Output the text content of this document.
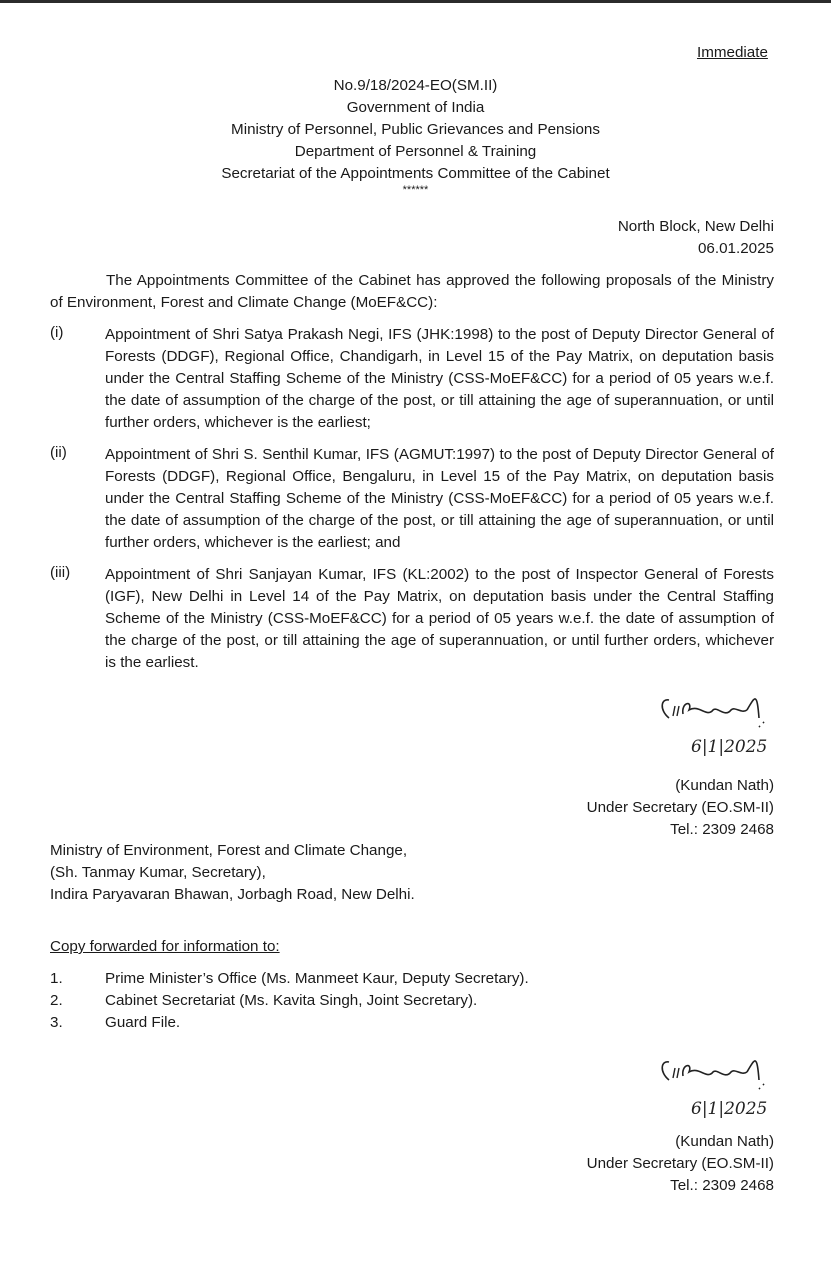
Immediate
No.9/18/2024-EO(SM.II)
Government of India
Ministry of Personnel, Public Grievances and Pensions
Department of Personnel & Training
Secretariat of the Appointments Committee of the Cabinet
******
North Block, New Delhi
06.01.2025
The Appointments Committee of the Cabinet has approved the following proposals of the Ministry of Environment, Forest and Climate Change (MoEF&CC):
(i)	Appointment of Shri Satya Prakash Negi, IFS (JHK:1998) to the post of Deputy Director General of Forests (DDGF), Regional Office, Chandigarh, in Level 15 of the Pay Matrix, on deputation basis under the Central Staffing Scheme of the Ministry (CSS-MoEF&CC) for a period of 05 years w.e.f. the date of assumption of the charge of the post, or till attaining the age of superannuation, or until further orders, whichever is the earliest;
(ii)	Appointment of Shri S. Senthil Kumar, IFS (AGMUT:1997) to the post of Deputy Director General of Forests (DDGF), Regional Office, Bengaluru, in Level 15 of the Pay Matrix, on deputation basis under the Central Staffing Scheme of the Ministry (CSS-MoEF&CC) for a period of 05 years w.e.f. the date of assumption of the charge of the post, or till attaining the age of superannuation, or until further orders, whichever is the earliest; and
(iii) Appointment of Shri Sanjayan Kumar, IFS (KL:2002) to the post of Inspector General of Forests (IGF), New Delhi in Level 14 of the Pay Matrix, on deputation basis under the Central Staffing Scheme of the Ministry (CSS-MoEF&CC) for a period of 05 years w.e.f. the date of assumption of the charge of the post, or till attaining the age of superannuation, or until further orders, whichever is the earliest.
6|1|2025
(Kundan Nath)
Under Secretary (EO.SM-II)
Tel.: 2309 2468
Ministry of Environment, Forest and Climate Change,
(Sh. Tanmay Kumar, Secretary),
Indira Paryavaran Bhawan, Jorbagh Road, New Delhi.
Copy forwarded for information to:
1.	Prime Minister’s Office (Ms. Manmeet Kaur, Deputy Secretary).
2.	Cabinet Secretariat (Ms. Kavita Singh, Joint Secretary).
3.	Guard File.
6|1|2025
(Kundan Nath)
Under Secretary (EO.SM-II)
Tel.: 2309 2468
